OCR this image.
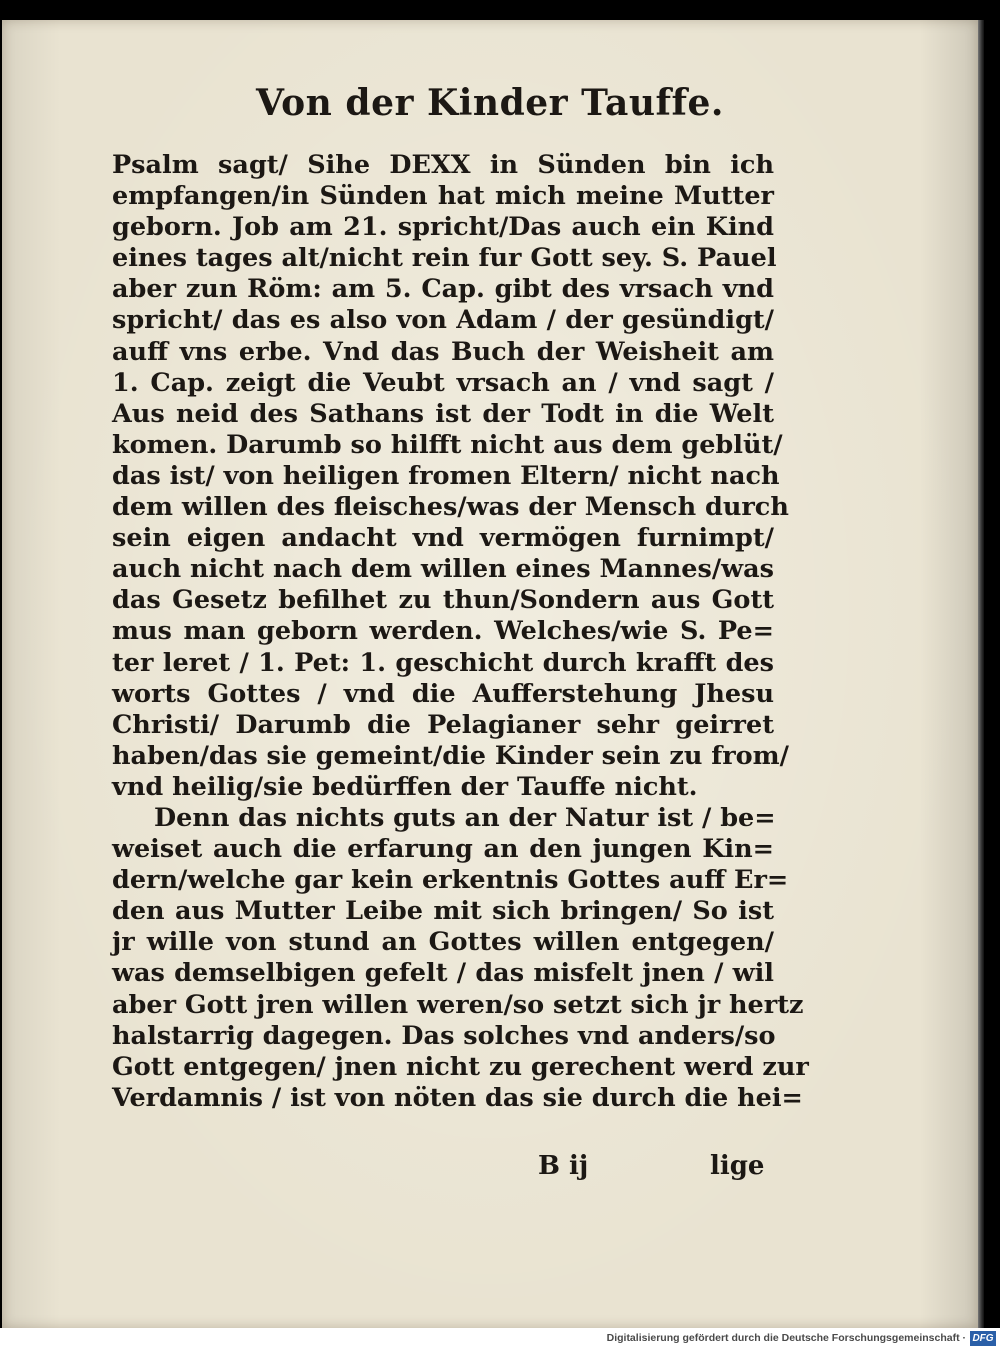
Von der Kinder Tauffe.
Psalm sagt/ Sihe DEXX in Sünden bin ich
empfangen/in Sünden hat mich meine Mutter
geborn. Job am 21. spricht/Das auch ein Kind
eines tages alt/nicht rein fur Gott sey. S. Pauel
aber zun Röm: am 5. Cap. gibt des vrsach vnd
spricht/ das es also von Adam / der gesündigt/
auff vns erbe. Vnd das Buch der Weisheit am
1. Cap. zeigt die Veubt vrsach an / vnd sagt /
Aus neid des Sathans ist der Todt in die Welt
komen. Darumb so hilfft nicht aus dem geblüt/
das ist/ von heiligen fromen Eltern/ nicht nach
dem willen des fleisches/was der Mensch durch
sein eigen andacht vnd vermögen furnimpt/
auch nicht nach dem willen eines Mannes/was
das Gesetz befilhet zu thun/Sondern aus Gott
mus man geborn werden. Welches/wie S. Pe=
ter leret / 1. Pet: 1. geschicht durch krafft des
worts Gottes / vnd die Aufferstehung Jhesu
Christi/ Darumb die Pelagianer sehr geirret
haben/das sie gemeint/die Kinder sein zu from/
vnd heilig/sie bedürffen der Tauffe nicht.
Denn das nichts guts an der Natur ist / be=
weiset auch die erfarung an den jungen Kin=
dern/welche gar kein erkentnis Gottes auff Er=
den aus Mutter Leibe mit sich bringen/ So ist
jr wille von stund an Gottes willen entgegen/
was demselbigen gefelt / das misfelt jnen / wil
aber Gott jren willen weren/so setzt sich jr hertz
halstarrig dagegen. Das solches vnd anders/so
Gott entgegen/ jnen nicht zu gerechent werd zur
Verdamnis / ist von nöten das sie durch die hei=
B ij	lige
Digitalisierung gefördert durch die Deutsche Forschungsgemeinschaft · DFG
